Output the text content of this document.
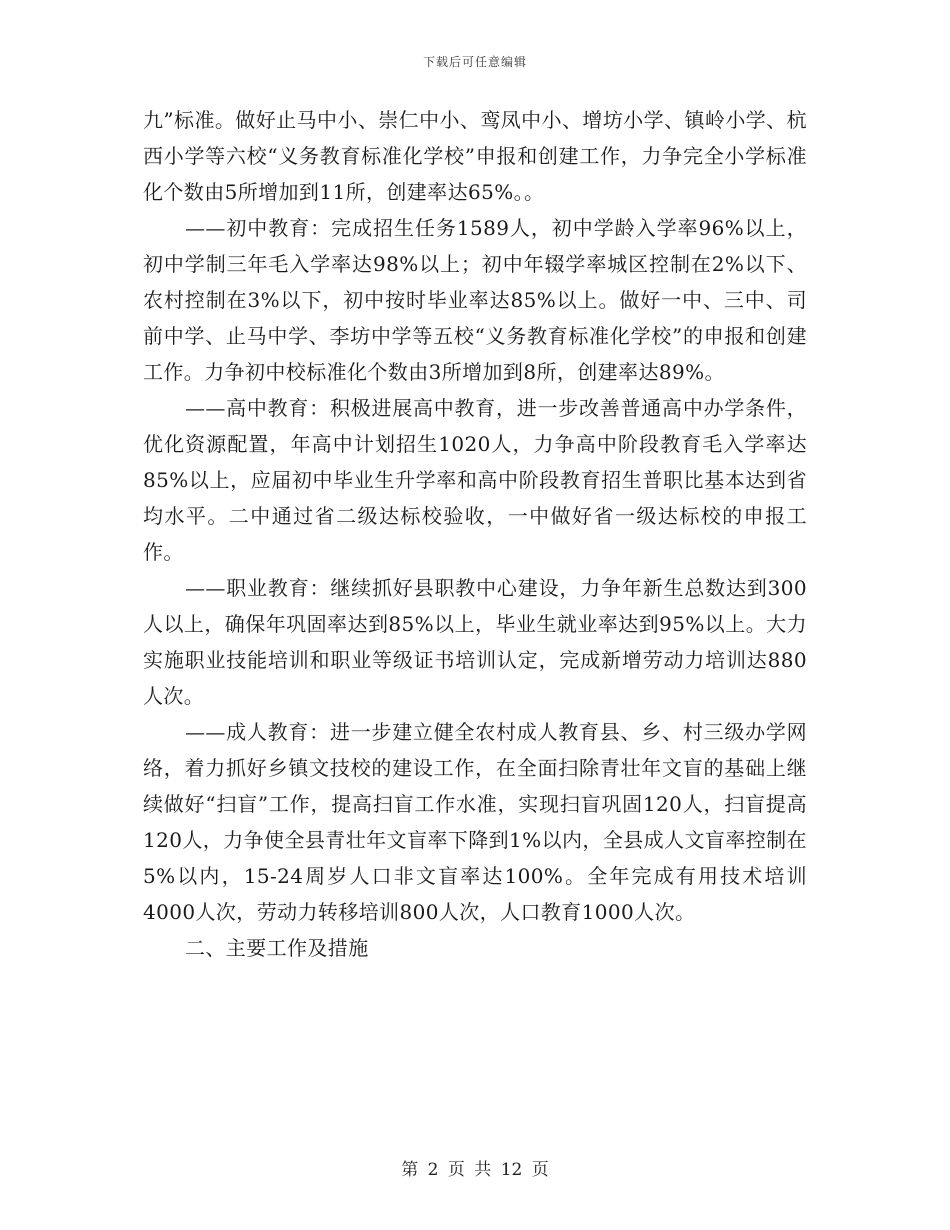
下载后可任意编辑

九”标准。做好止马中小、崇仁中小、鸾凤中小、增坊小学、镇岭小学、杭西小学等六校“义务教育标准化学校”申报和创建工作，力争完全小学标准化个数由5所增加到11所，创建率达65%。。

——初中教育：完成招生任务1589人，初中学龄入学率96%以上，初中学制三年毛入学率达98%以上；初中年辍学率城区控制在2%以下、农村控制在3%以下，初中按时毕业率达85%以上。做好一中、三中、司前中学、止马中学、李坊中学等五校“义务教育标准化学校”的申报和创建工作。力争初中校标准化个数由3所增加到8所，创建率达89%。

——高中教育：积极进展高中教育，进一步改善普通高中办学条件，优化资源配置，年高中计划招生1020人，力争高中阶段教育毛入学率达85%以上，应届初中毕业生升学率和高中阶段教育招生普职比基本达到省均水平。二中通过省二级达标校验收，一中做好省一级达标校的申报工作。

——职业教育：继续抓好县职教中心建设，力争年新生总数达到300人以上，确保年巩固率达到85%以上，毕业生就业率达到95%以上。大力实施职业技能培训和职业等级证书培训认定，完成新增劳动力培训达880人次。

——成人教育：进一步建立健全农村成人教育县、乡、村三级办学网络，着力抓好乡镇文技校的建设工作，在全面扫除青壮年文盲的基础上继续做好“扫盲”工作，提高扫盲工作水准，实现扫盲巩固120人，扫盲提高120人，力争使全县青壮年文盲率下降到1%以内，全县成人文盲率控制在5%以内，15-24周岁人口非文盲率达100%。全年完成有用技术培训4000人次，劳动力转移培训800人次，人口教育1000人次。

二、主要工作及措施

第 2 页 共 12 页
